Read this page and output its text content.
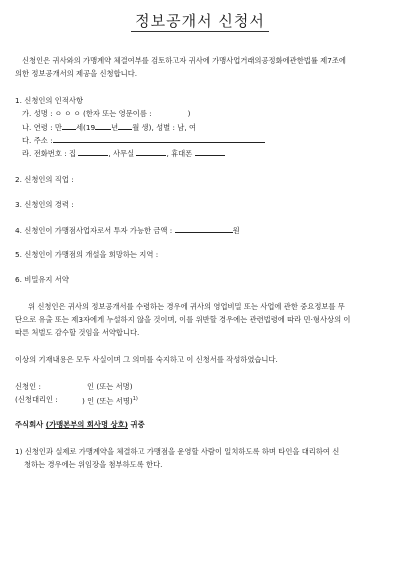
정보공개서 신청서
신청인은 귀사와의 가맹계약 체결여부를 검토하고자 귀사에 가맹사업거래의공정화에관한법률 제7조에
의한 정보공개서의 제공을 신청합니다.
1. 신청인의 인적사항
가. 성명 : ㅇ ㅇ ㅇ (한자 또는 영문이름 :	)
나. 연령 : 만 세(19 년 월 생), 성별 : 남, 여
다. 주소 :
라. 전화번호 : 집	, 사무실	, 휴대폰
2. 신청인의 직업 :
3. 신청인의 경력 :
4. 신청인이 가맹점사업자로서 투자 가능한 금액 :	원
5. 신청인이 가맹점의 개설을 희망하는 지역 :
6. 비밀유지 서약
위 신청인은 귀사의 정보공개서를 수령하는 경우에 귀사의 영업비밀 또는 사업에 관한 중요정보를 무
단으로 유출 또는 제3자에게 누설하지 않을 것이며, 이를 위반할 경우에는 관련법령에 따라 민·형사상의 이
따른 처벌도 감수할 것임을 서약합니다.
이상의 기재내용은 모두 사실이며 그 의미를 숙지하고 이 신청서를 작성하였습니다.
신청인 :	인 (또는 서명)
(신청대리인 :	) 인 (또는 서명)$^{1)}$
주식회사 (가맹본부의 회사명 상호) 귀중
1) 신청인과 실제로 가맹계약을 체결하고 가맹점을 운영할 사람이 일치하도록 하며 타인을 대리하여 신
청하는 경우에는 위임장을 첨부하도록 한다.
